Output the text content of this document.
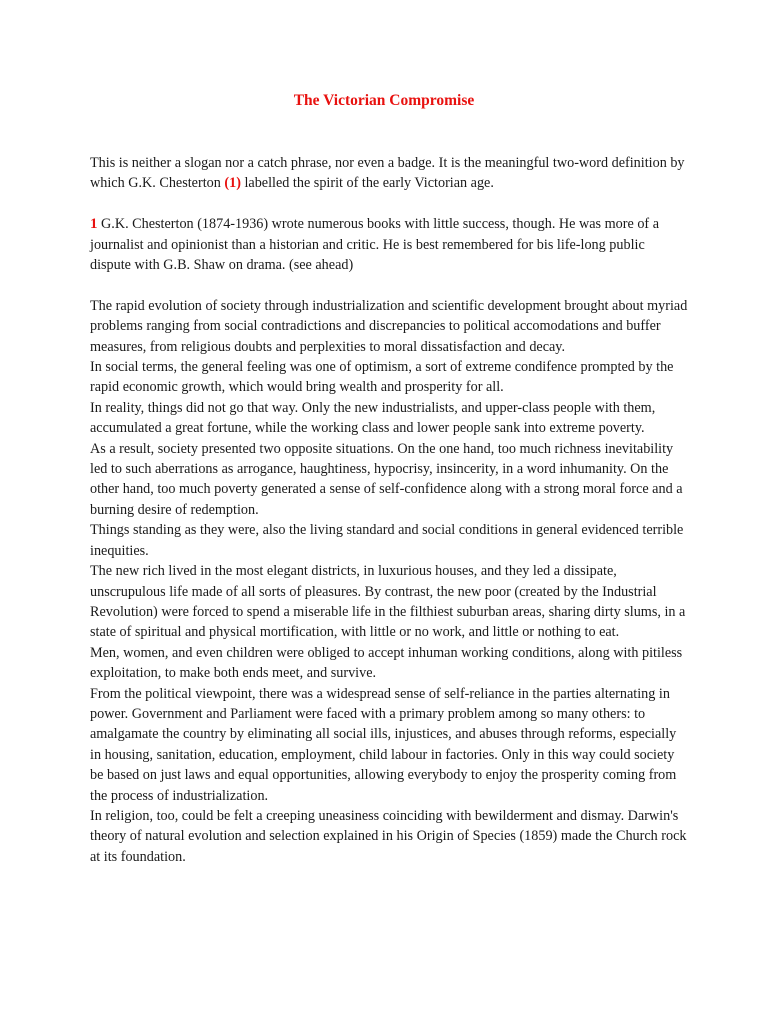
The Victorian Compromise

This is neither a slogan nor a catch phrase, nor even a badge. It is the meaningful two-word definition by which G.K. Chesterton (1) labelled the spirit of the early Victorian age.

1 G.K. Chesterton (1874-1936) wrote numerous books with little success, though. He was more of a journalist and opinionist than a historian and critic. He is best remembered for bis life-long public dispute with G.B. Shaw on drama. (see ahead)

The rapid evolution of society through industrialization and scientific development brought about myriad problems ranging from social contradictions and discrepancies to political accomodations and buffer measures, from religious doubts and perplexities to moral dissatisfaction and decay.

In social terms, the general feeling was one of optimism, a sort of extreme condifence prompted by the rapid economic growth, which would bring wealth and prosperity for all.

In reality, things did not go that way. Only the new industrialists, and upper-class people with them, accumulated a great fortune, while the working class and lower people sank into extreme poverty.

As a result, society presented two opposite situations. On the one hand, too much richness inevitability led to such aberrations as arrogance, haughtiness, hypocrisy, insincerity, in a word inhumanity. On the other hand, too much poverty generated a sense of self-confidence along with a strong moral force and a burning desire of redemption.

Things standing as they were, also the living standard and social conditions in general evidenced terrible inequities.

The new rich lived in the most elegant districts, in luxurious houses, and they led a dissipate, unscrupulous life made of all sorts of pleasures. By contrast, the new poor (created by the Industrial Revolution) were forced to spend a miserable life in the filthiest suburban areas, sharing dirty slums, in a state of spiritual and physical mortification, with little or no work, and little or nothing to eat.

Men, women, and even children were obliged to accept inhuman working conditions, along with pitiless exploitation, to make both ends meet, and survive.

From the political viewpoint, there was a widespread sense of self-reliance in the parties alternating in power. Government and Parliament were faced with a primary problem among so many others: to amalgamate the country by eliminating all social ills, injustices, and abuses through reforms, especially in housing, sanitation, education, employment, child labour in factories. Only in this way could society be based on just laws and equal opportunities, allowing everybody to enjoy the prosperity coming from the process of industrialization.

In religion, too, could be felt a creeping uneasiness coinciding with bewilderment and dismay. Darwin's theory of natural evolution and selection explained in his Origin of Species (1859) made the Church rock at its foundation.
